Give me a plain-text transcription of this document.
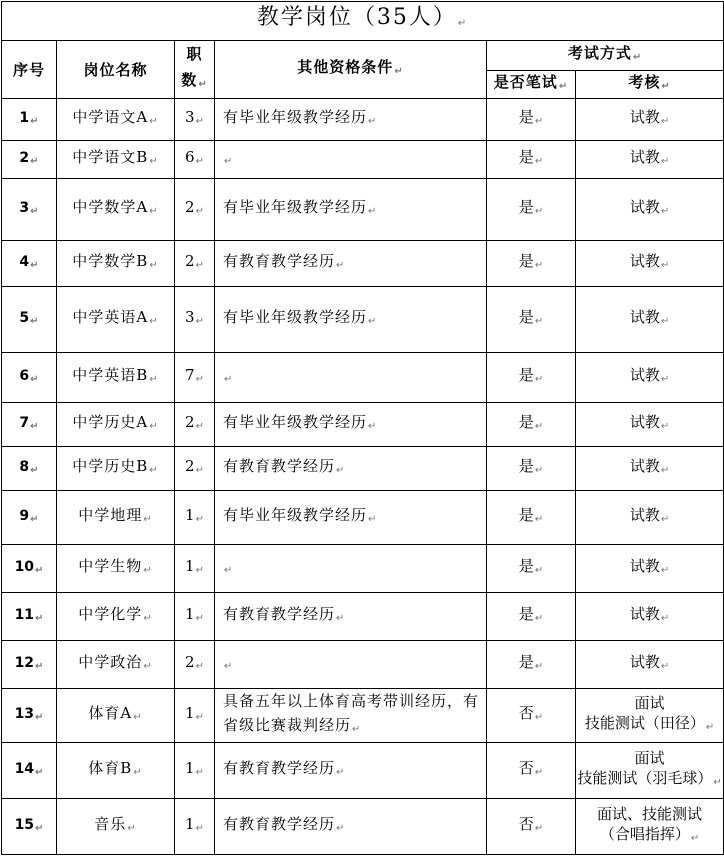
教学岗位（35人）↵					
序号	岗位名称	职
数↵	其他资格条件↵	考试方式↵	
				是否笔试↵	考核↵
1↵	中学语文A↵	3↵	有毕业年级教学经历↵	是↵	试教↵
2↵	中学语文B↵	6↵	↵	是↵	试教↵
3↵	中学数学A↵	2↵	有毕业年级教学经历↵	是↵	试教↵
4↵	中学数学B↵	2↵	有教育教学经历↵	是↵	试教↵
5↵	中学英语A↵	3↵	有毕业年级教学经历↵	是↵	试教↵
6↵	中学英语B↵	7↵	↵	是↵	试教↵
7↵	中学历史A↵	2↵	有毕业年级教学经历↵	是↵	试教↵
8↵	中学历史B↵	2↵	有教育教学经历↵	是↵	试教↵
9↵	中学地理↵	1↵	有毕业年级教学经历↵	是↵	试教↵
10↵	中学生物↵	1↵	↵	是↵	试教↵
11↵	中学化学↵	1↵	有教育教学经历↵	是↵	试教↵
12↵	中学政治↵	2↵	↵	是↵	试教↵
13↵	体育A↵	1↵	具备五年以上体育高考带训经历，有省级比赛裁判经历↵	否↵	面试
技能测试（田径）↵

14↵	体育B↵	1↵	有教育教学经历↵	否↵	面试
技能测试（羽毛球）↵

15↵	音乐↵	1↵	有教育教学经历↵	否↵	面试、技能测试
（合唱指挥）↵
